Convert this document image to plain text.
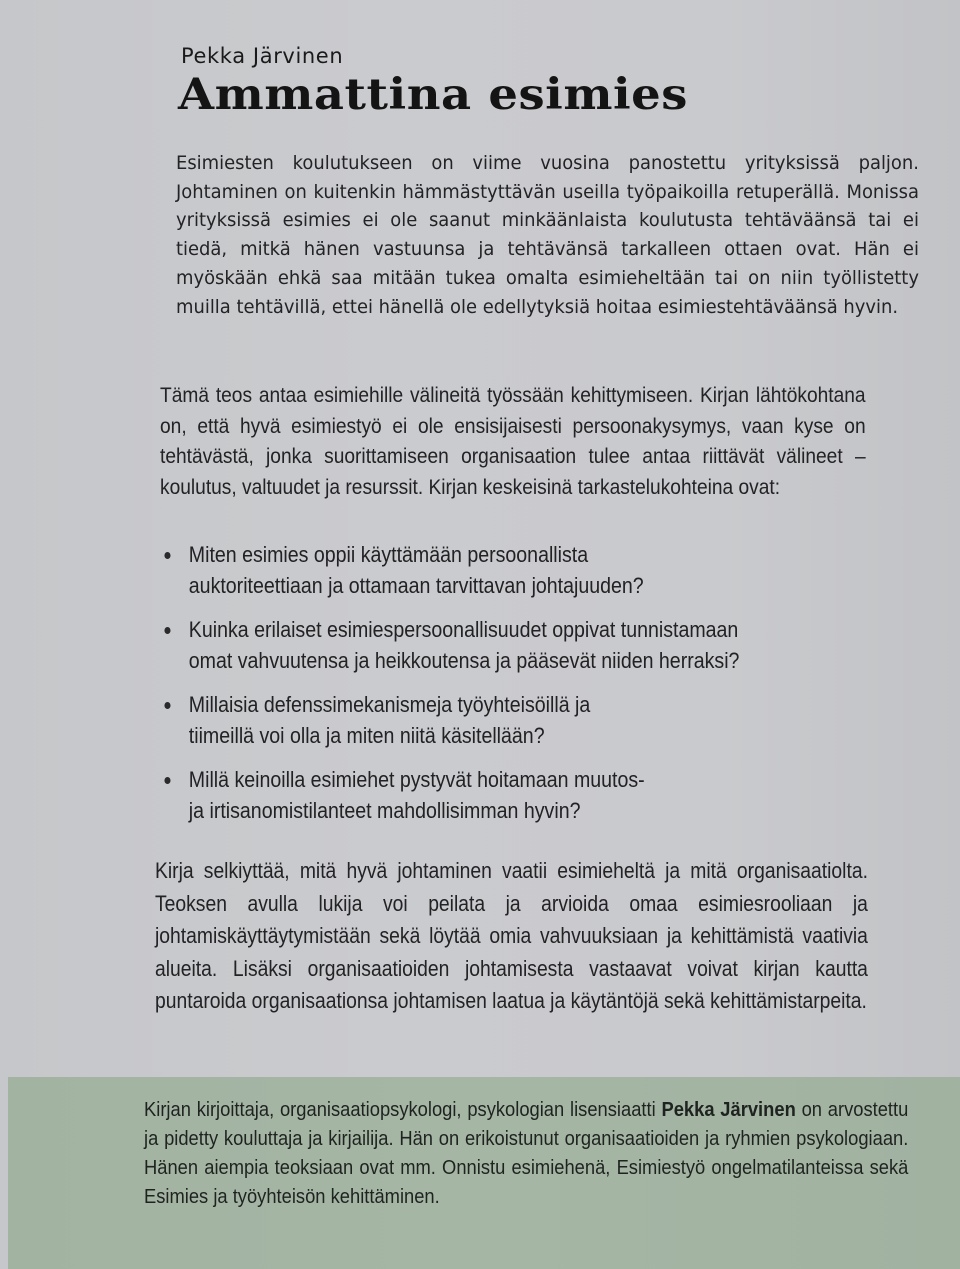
Pekka Järvinen
Ammattina esimies
Esimiesten koulutukseen on viime vuosina panostettu yrityksissä paljon. Johtaminen on kuitenkin hämmästyttävän useilla työpaikoilla retuperällä. Monissa yrityksissä esimies ei ole saanut minkäänlaista koulutusta tehtäväänsä tai ei tiedä, mitkä hänen vastuunsa ja tehtävänsä tarkalleen ottaen ovat. Hän ei myöskään ehkä saa mitään tukea omalta esimieheltään tai on niin työllistetty muilla tehtävillä, ettei hänellä ole edellytyksiä hoitaa esimiestehtäväänsä hyvin.
Tämä teos antaa esimiehille välineitä työssään kehittymiseen. Kirjan lähtökohtana on, että hyvä esimiestyö ei ole ensisijaisesti persoonakysymys, vaan kyse on tehtävästä, jonka suorittamiseen organisaation tulee antaa riittävät välineet – koulutus, valtuudet ja resurssit. Kirjan keskeisinä tarkastelukohteina ovat:
Miten esimies oppii käyttämään persoonallista
auktoriteettiaan ja ottamaan tarvittavan johtajuuden?
Kuinka erilaiset esimiespersoonallisuudet oppivat tunnistamaan
omat vahvuutensa ja heikkoutensa ja pääsevät niiden herraksi?
Millaisia defenssimekanismeja työyhteisöillä ja
tiimeillä voi olla ja miten niitä käsitellään?
Millä keinoilla esimiehet pystyvät hoitamaan muutos-
ja irtisanomistilanteet mahdollisimman hyvin?
Kirja selkiyttää, mitä hyvä johtaminen vaatii esimieheltä ja mitä organisaatiolta. Teoksen avulla lukija voi peilata ja arvioida omaa esimiesrooliaan ja johtamiskäyttäytymistään sekä löytää omia vahvuuksiaan ja kehittämistä vaativia alueita. Lisäksi organisaatioiden johtamisesta vastaavat voivat kirjan kautta puntaroida organisaationsa johtamisen laatua ja käytäntöjä sekä kehittämistarpeita.
Kirjan kirjoittaja, organisaatiopsykologi, psykologian lisensiaatti Pekka Järvinen on arvostettu ja pidetty kouluttaja ja kirjailija. Hän on erikoistunut organisaatioiden ja ryhmien psykologiaan. Hänen aiempia teoksiaan ovat mm. Onnistu esimiehenä, Esimiestyö ongelmatilanteissa sekä Esimies ja työyhteisön kehittäminen.
